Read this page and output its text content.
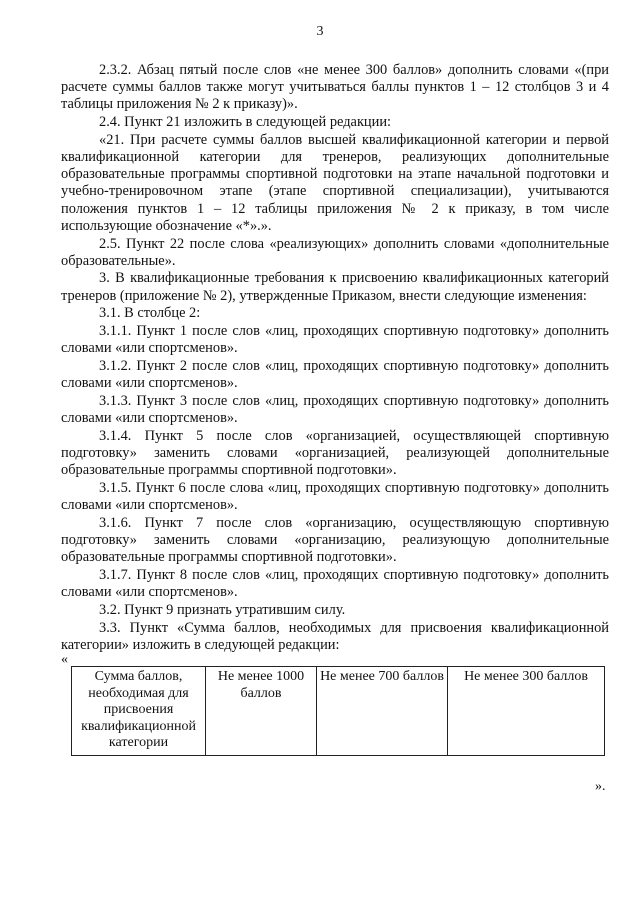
3

2.3.2. Абзац пятый после слов «не менее 300 баллов» дополнить словами «(при расчете суммы баллов также могут учитываться баллы пунктов 1 – 12 столбцов 3 и 4 таблицы приложения № 2 к приказу)».

2.4. Пункт 21 изложить в следующей редакции:

«21. При расчете суммы баллов высшей квалификационной категории и первой квалификационной категории для тренеров, реализующих дополнительные образовательные программы спортивной подготовки на этапе начальной подготовки и учебно-тренировочном этапе (этапе спортивной специализации), учитываются положения пунктов 1 – 12 таблицы приложения № 2 к приказу, в том числе использующие обозначение «*».».

2.5. Пункт 22 после слова «реализующих» дополнить словами «дополнительные образовательные».

3. В квалификационные требования к присвоению квалификационных категорий тренеров (приложение № 2), утвержденные Приказом, внести следующие изменения:

3.1. В столбце 2:

3.1.1. Пункт 1 после слов «лиц, проходящих спортивную подготовку» дополнить словами «или спортсменов».

3.1.2. Пункт 2 после слов «лиц, проходящих спортивную подготовку» дополнить словами «или спортсменов».

3.1.3. Пункт 3 после слов «лиц, проходящих спортивную подготовку» дополнить словами «или спортсменов».

3.1.4. Пункт 5 после слов «организацией, осуществляющей спортивную подготовку» заменить словами «организацией, реализующей дополнительные образовательные программы спортивной подготовки».

3.1.5. Пункт 6 после слова «лиц, проходящих спортивную подготовку» дополнить словами «или спортсменов».

3.1.6. Пункт 7 после слов «организацию, осуществляющую спортивную подготовку» заменить словами «организацию, реализующую дополнительные образовательные программы спортивной подготовки».

3.1.7. Пункт 8 после слов «лиц, проходящих спортивную подготовку» дополнить словами «или спортсменов».

3.2. Пункт 9 признать утратившим силу.

3.3. Пункт «Сумма баллов, необходимых для присвоения квалификационной категории» изложить в следующей редакции:

«
Сумма баллов, необходимая для присвоения квалификационной категории	Не менее 1000 баллов	Не менее 700 баллов	Не менее 300 баллов
».
